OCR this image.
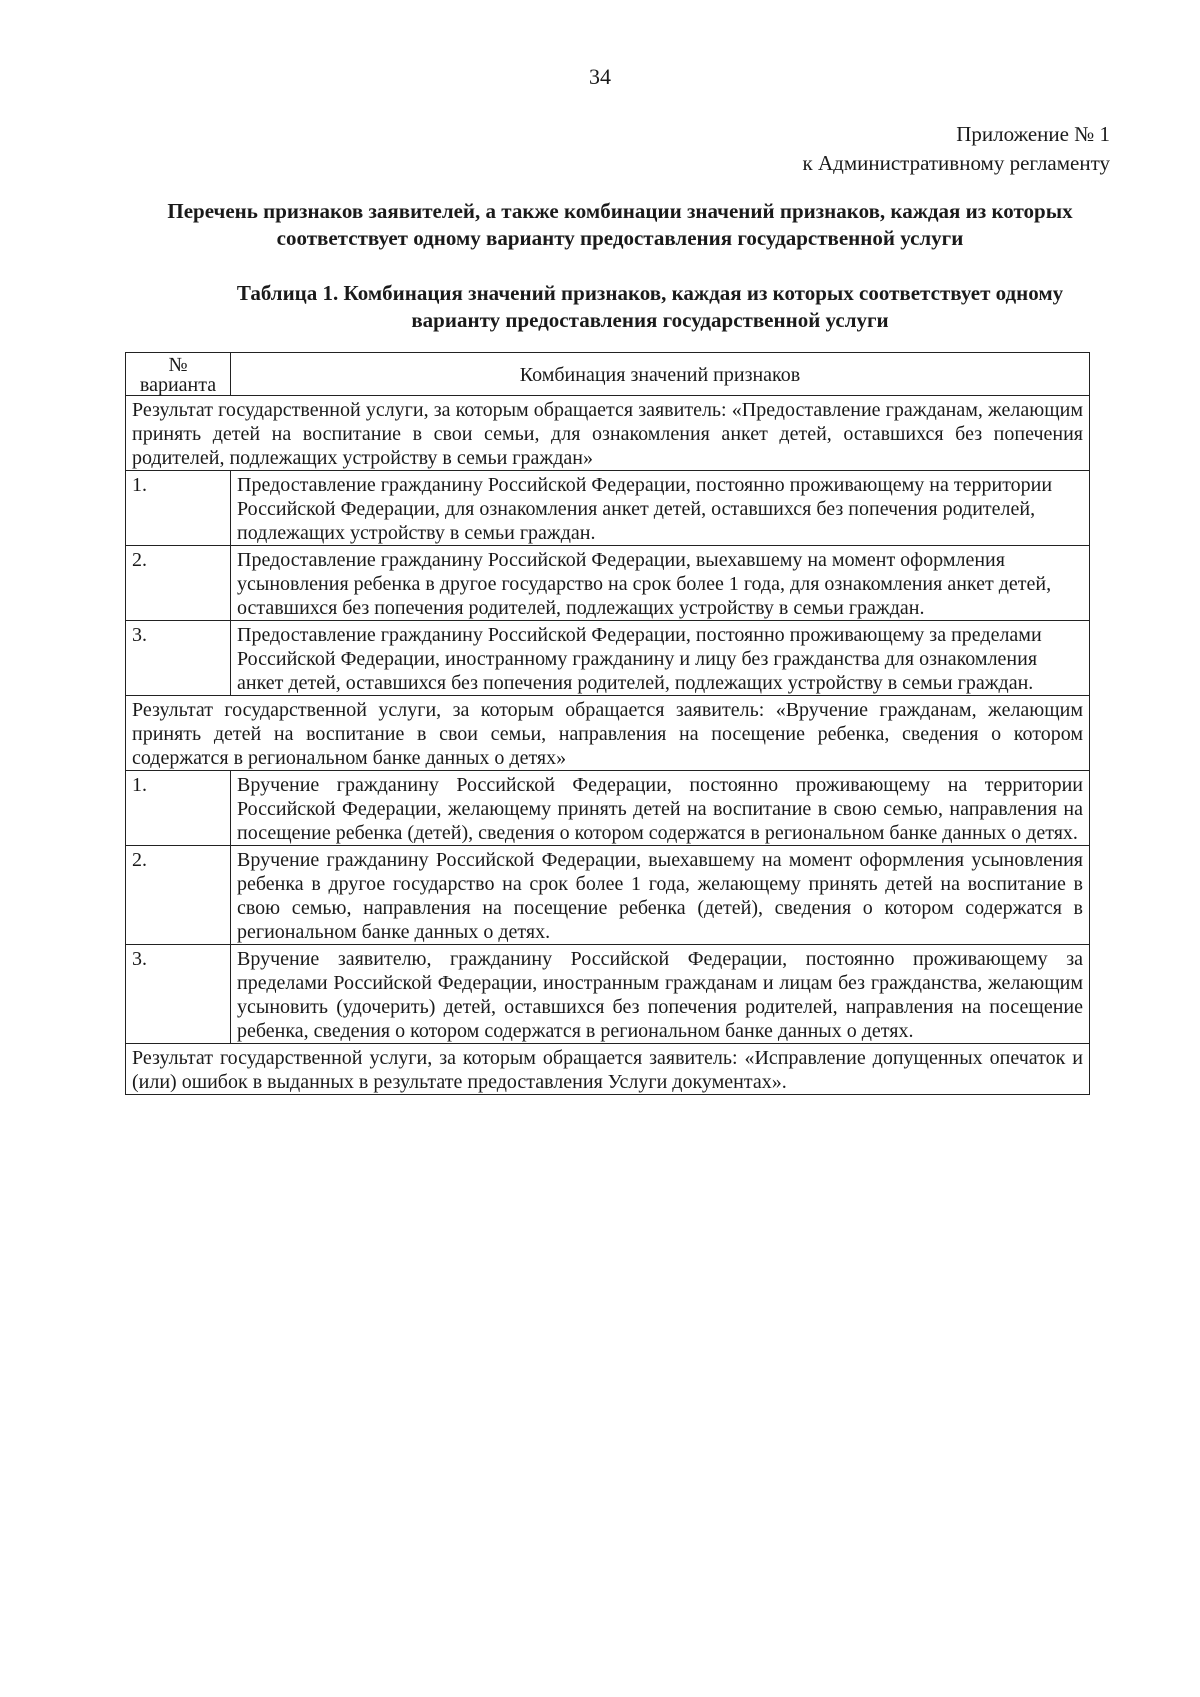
34
Приложение № 1
к Административному регламенту
Перечень признаков заявителей, а также комбинации значений признаков, каждая из которых соответствует одному варианту предоставления государственной услуги
Таблица 1. Комбинация значений признаков, каждая из которых соответствует одному варианту предоставления государственной услуги
№ варианта	Комбинация значений признаков
Результат государственной услуги, за которым обращается заявитель: «Предоставление гражданам, желающим принять детей на воспитание в свои семьи, для ознакомления анкет детей, оставшихся без попечения родителей, подлежащих устройству в семьи граждан»	
1.	Предоставление гражданину Российской Федерации, постоянно проживающему на территории Российской Федерации, для ознакомления анкет детей, оставшихся без попечения родителей, подлежащих устройству в семьи граждан.
2.	Предоставление гражданину Российской Федерации, выехавшему на момент оформления усыновления ребенка в другое государство на срок более 1 года, для ознакомления анкет детей, оставшихся без попечения родителей, подлежащих устройству в семьи граждан.
3.	Предоставление гражданину Российской Федерации, постоянно проживающему за пределами Российской Федерации, иностранному гражданину и лицу без гражданства для ознакомления анкет детей, оставшихся без попечения родителей, подлежащих устройству в семьи граждан.
Результат государственной услуги, за которым обращается заявитель: «Вручение гражданам, желающим принять детей на воспитание в свои семьи, направления на посещение ребенка, сведения о котором содержатся в региональном банке данных о детях»	
1.	Вручение гражданину Российской Федерации, постоянно проживающему на территории Российской Федерации, желающему принять детей на воспитание в свою семью, направления на посещение ребенка (детей), сведения о котором содержатся в региональном банке данных о детях.
2.	Вручение гражданину Российской Федерации, выехавшему на момент оформления усыновления ребенка в другое государство на срок более 1 года, желающему принять детей на воспитание в свою семью, направления на посещение ребенка (детей), сведения о котором содержатся в региональном банке данных о детях.
3.	Вручение заявителю, гражданину Российской Федерации, постоянно проживающему за пределами Российской Федерации, иностранным гражданам и лицам без гражданства, желающим усыновить (удочерить) детей, оставшихся без попечения родителей, направления на посещение ребенка, сведения о котором содержатся в региональном банке данных о детях.
Результат государственной услуги, за которым обращается заявитель: «Исправление допущенных опечаток и (или) ошибок в выданных в результате предоставления Услуги документах».	
